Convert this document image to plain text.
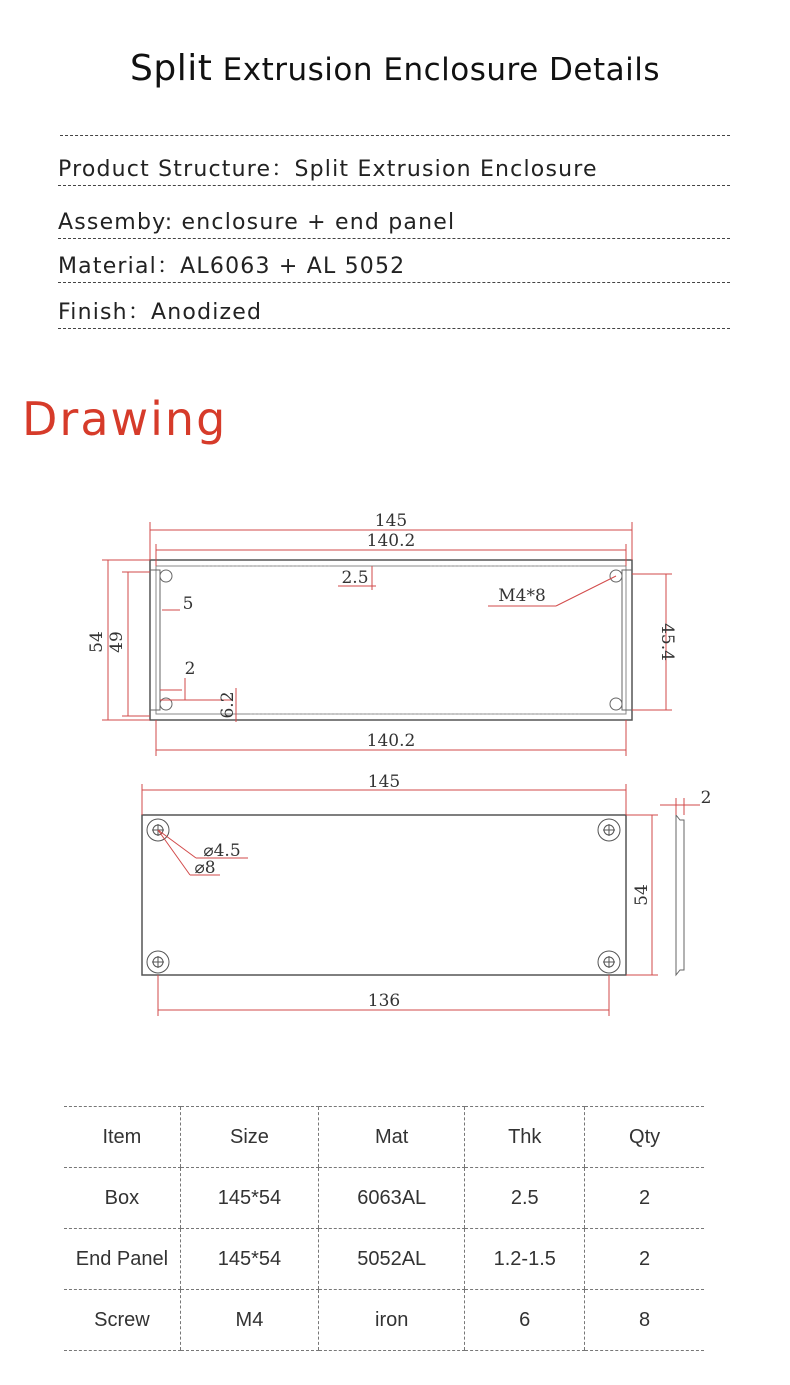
Split Extrusion Enclosure Details
Product Structure：Split Extrusion Enclosure
Assemby: enclosure + end panel
Material：AL6063 + AL 5052
Finish：Anodized
Drawing
145
140.2
2.5
M4*8
5
54 49	45.4
2
6.2
140.2
145
⌀4.5
⌀8
54
136
2
Item	Size	Mat	Thk	Qty
Box	145*54	6063AL	2.5	2
End Panel	145*54	5052AL	1.2-1.5	2
Screw	M4	iron	6	8
